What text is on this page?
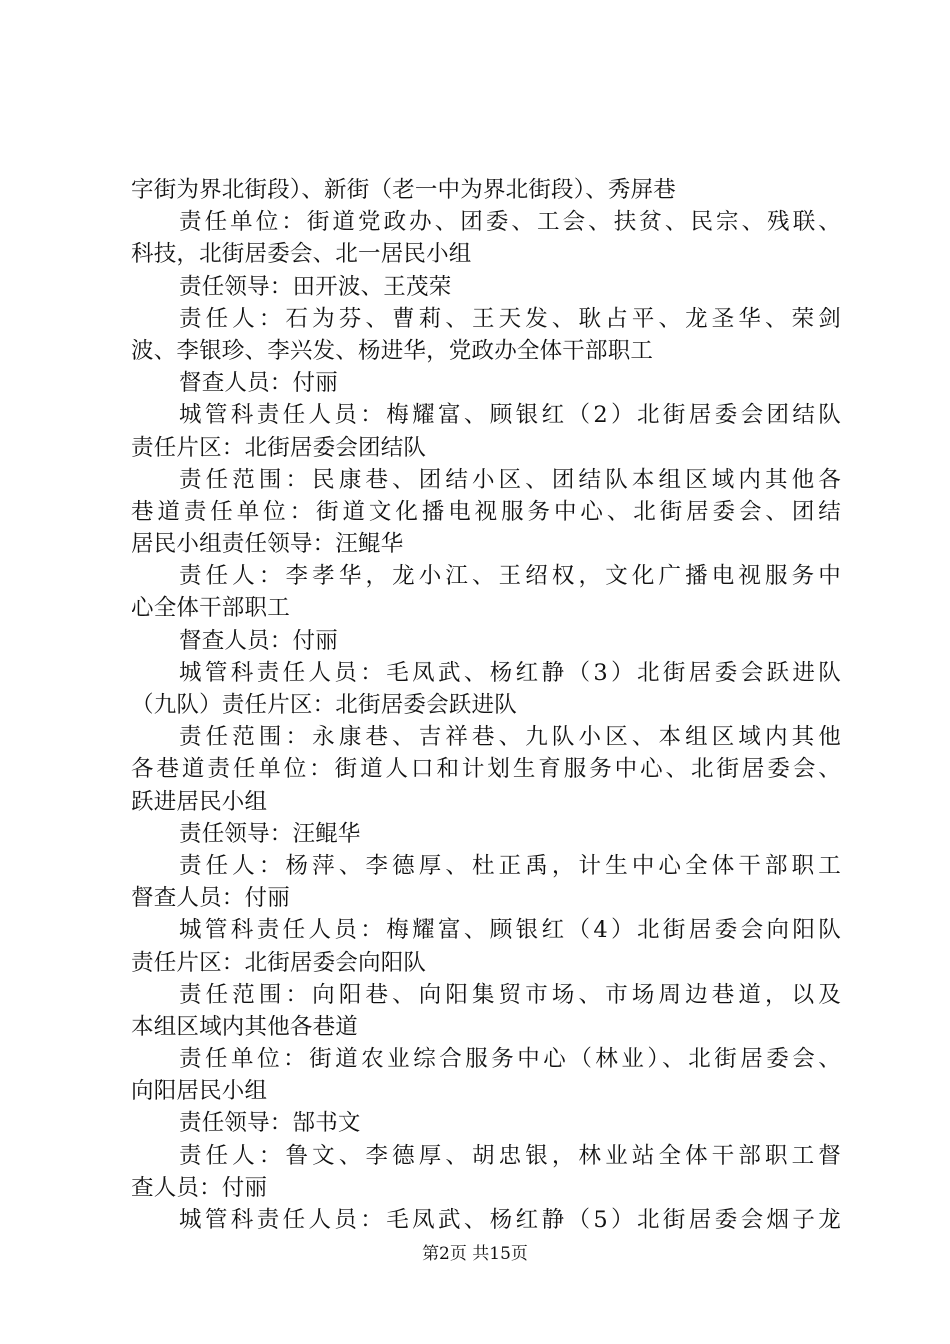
字街为界北街段）、新街（老一中为界北街段）、秀屏巷
责任单位：街道党政办、团委、工会、扶贫、民宗、残联、
科技，北街居委会、北一居民小组
责任领导：田开波、王茂荣
责任人：石为芬、曹莉、王天发、耿占平、龙圣华、荣剑
波、李银珍、李兴发、杨进华，党政办全体干部职工
督查人员：付丽
城管科责任人员：梅耀富、顾银红（2）北街居委会团结队
责任片区：北街居委会团结队
责任范围：民康巷、团结小区、团结队本组区域内其他各
巷道责任单位：街道文化播电视服务中心、北街居委会、团结
居民小组责任领导：汪鲲华
责任人：李孝华，龙小江、王绍权，文化广播电视服务中
心全体干部职工
督查人员：付丽
城管科责任人员：毛凤武、杨红静（3）北街居委会跃进队
（九队）责任片区：北街居委会跃进队
责任范围：永康巷、吉祥巷、九队小区、本组区域内其他
各巷道责任单位：街道人口和计划生育服务中心、北街居委会、
跃进居民小组
责任领导：汪鲲华
责任人：杨萍、李德厚、杜正禹，计生中心全体干部职工
督查人员：付丽
城管科责任人员：梅耀富、顾银红（4）北街居委会向阳队
责任片区：北街居委会向阳队
责任范围：向阳巷、向阳集贸市场、市场周边巷道，以及
本组区域内其他各巷道
责任单位：街道农业综合服务中心（林业）、北街居委会、
向阳居民小组
责任领导：郜书文
责任人：鲁文、李德厚、胡忠银，林业站全体干部职工督
查人员：付丽
城管科责任人员：毛凤武、杨红静（5）北街居委会烟子龙
第2页 共15页
